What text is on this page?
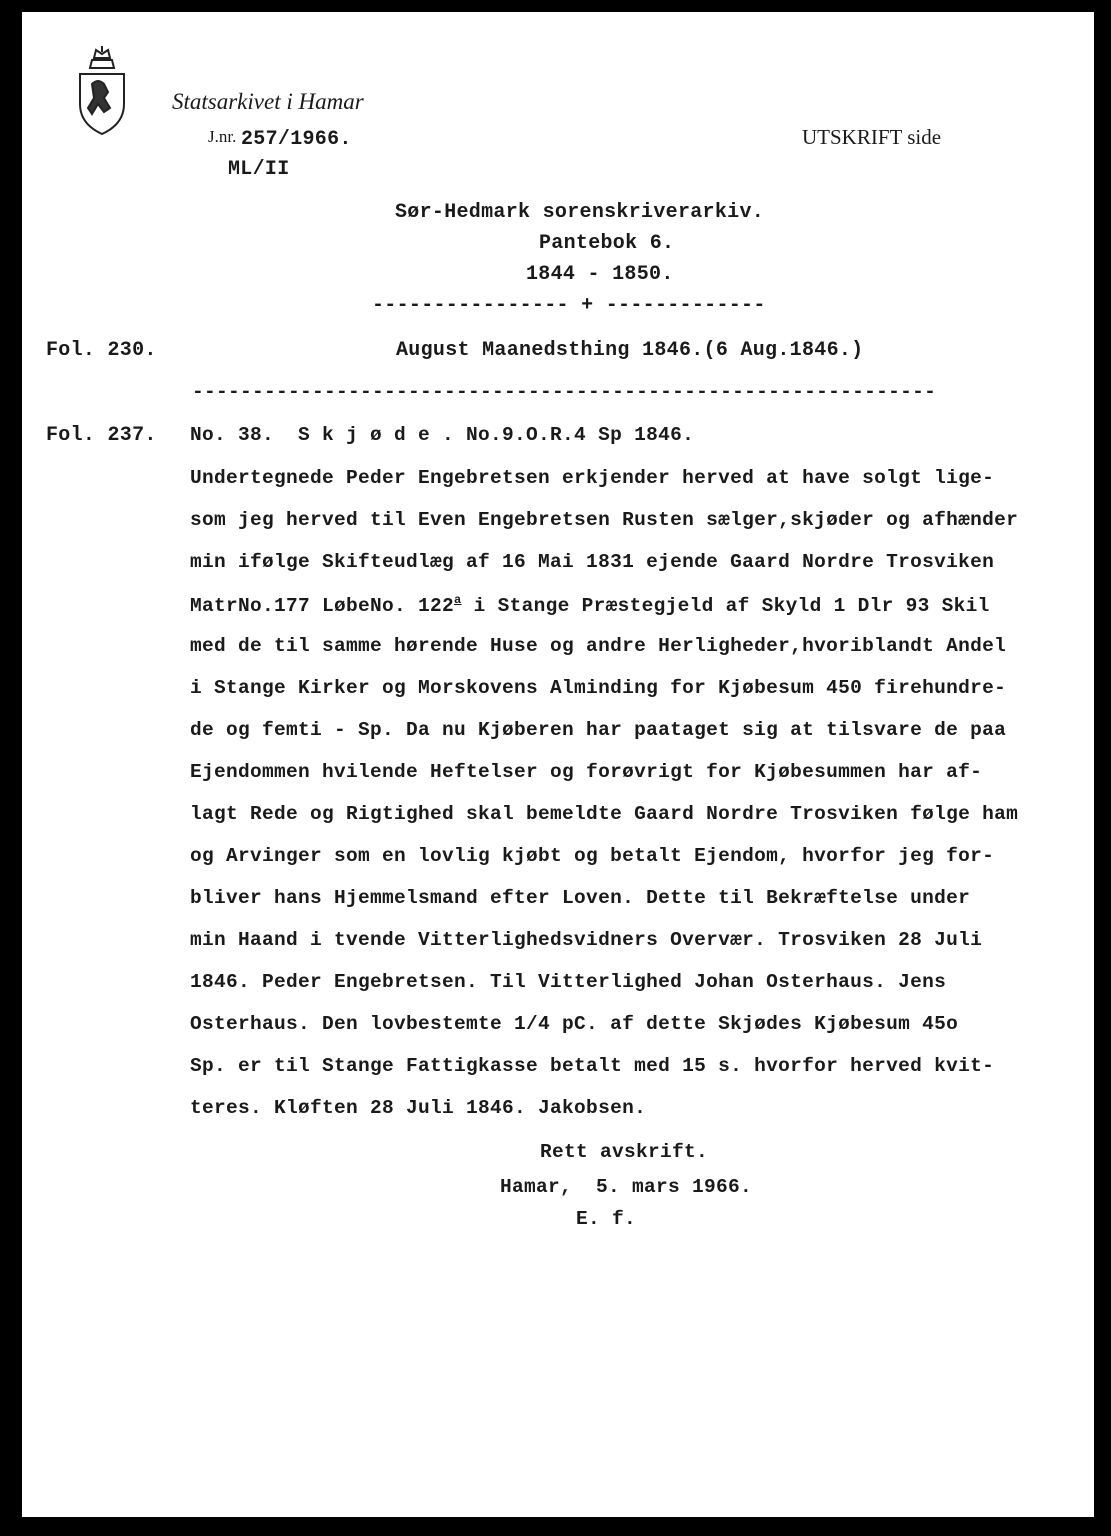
Statsarkivet i Hamar
J.nr. 257/1966.
ML/II
UTSKRIFT side
Sør-Hedmark sorenskriverarkiv.
Pantebok 6.
1844 - 1850.
---------------- + -------------
Fol. 230.	August Maanedsthing 1846.(6 Aug.1846.)
--------------------------------------------------------------
Fol. 237. No. 38.  S k j ø d e . No.9.O.R.4 Sp 1846.
Undertegnede Peder Engebretsen erkjender herved at have solgt lige-
som jeg herved til Even Engebretsen Rusten sælger,skjøder og afhænder
min ifølge Skifteudlæg af 16 Mai 1831 ejende Gaard Nordre Trosviken
MatrNo.177 LøbeNo. 122$^a$ i Stange Præstegjeld af Skyld 1 Dlr 93 Skil
med de til samme hørende Huse og andre Herligheder,hvoriblandt Andel
i Stange Kirker og Morskovens Alminding for Kjøbesum 450 firehundre-
de og femti - Sp. Da nu Kjøberen har paataget sig at tilsvare de paa
Ejendommen hvilende Heftelser og forøvrigt for Kjøbesummen har af-
lagt Rede og Rigtighed skal bemeldte Gaard Nordre Trosviken følge ham
og Arvinger som en lovlig kjøbt og betalt Ejendom, hvorfor jeg for-
bliver hans Hjemmelsmand efter Loven. Dette til Bekræftelse under
min Haand i tvende Vitterlighedsvidners Overvær. Trosviken 28 Juli
1846. Peder Engebretsen. Til Vitterlighed Johan Osterhaus. Jens
Osterhaus. Den lovbestemte 1/4 pC. af dette Skjødes Kjøbesum 45o
Sp. er til Stange Fattigkasse betalt med 15 s. hvorfor herved kvit-
teres. Kløften 28 Juli 1846. Jakobsen.
Rett avskrift.
Hamar,  5. mars 1966.
E. f.
